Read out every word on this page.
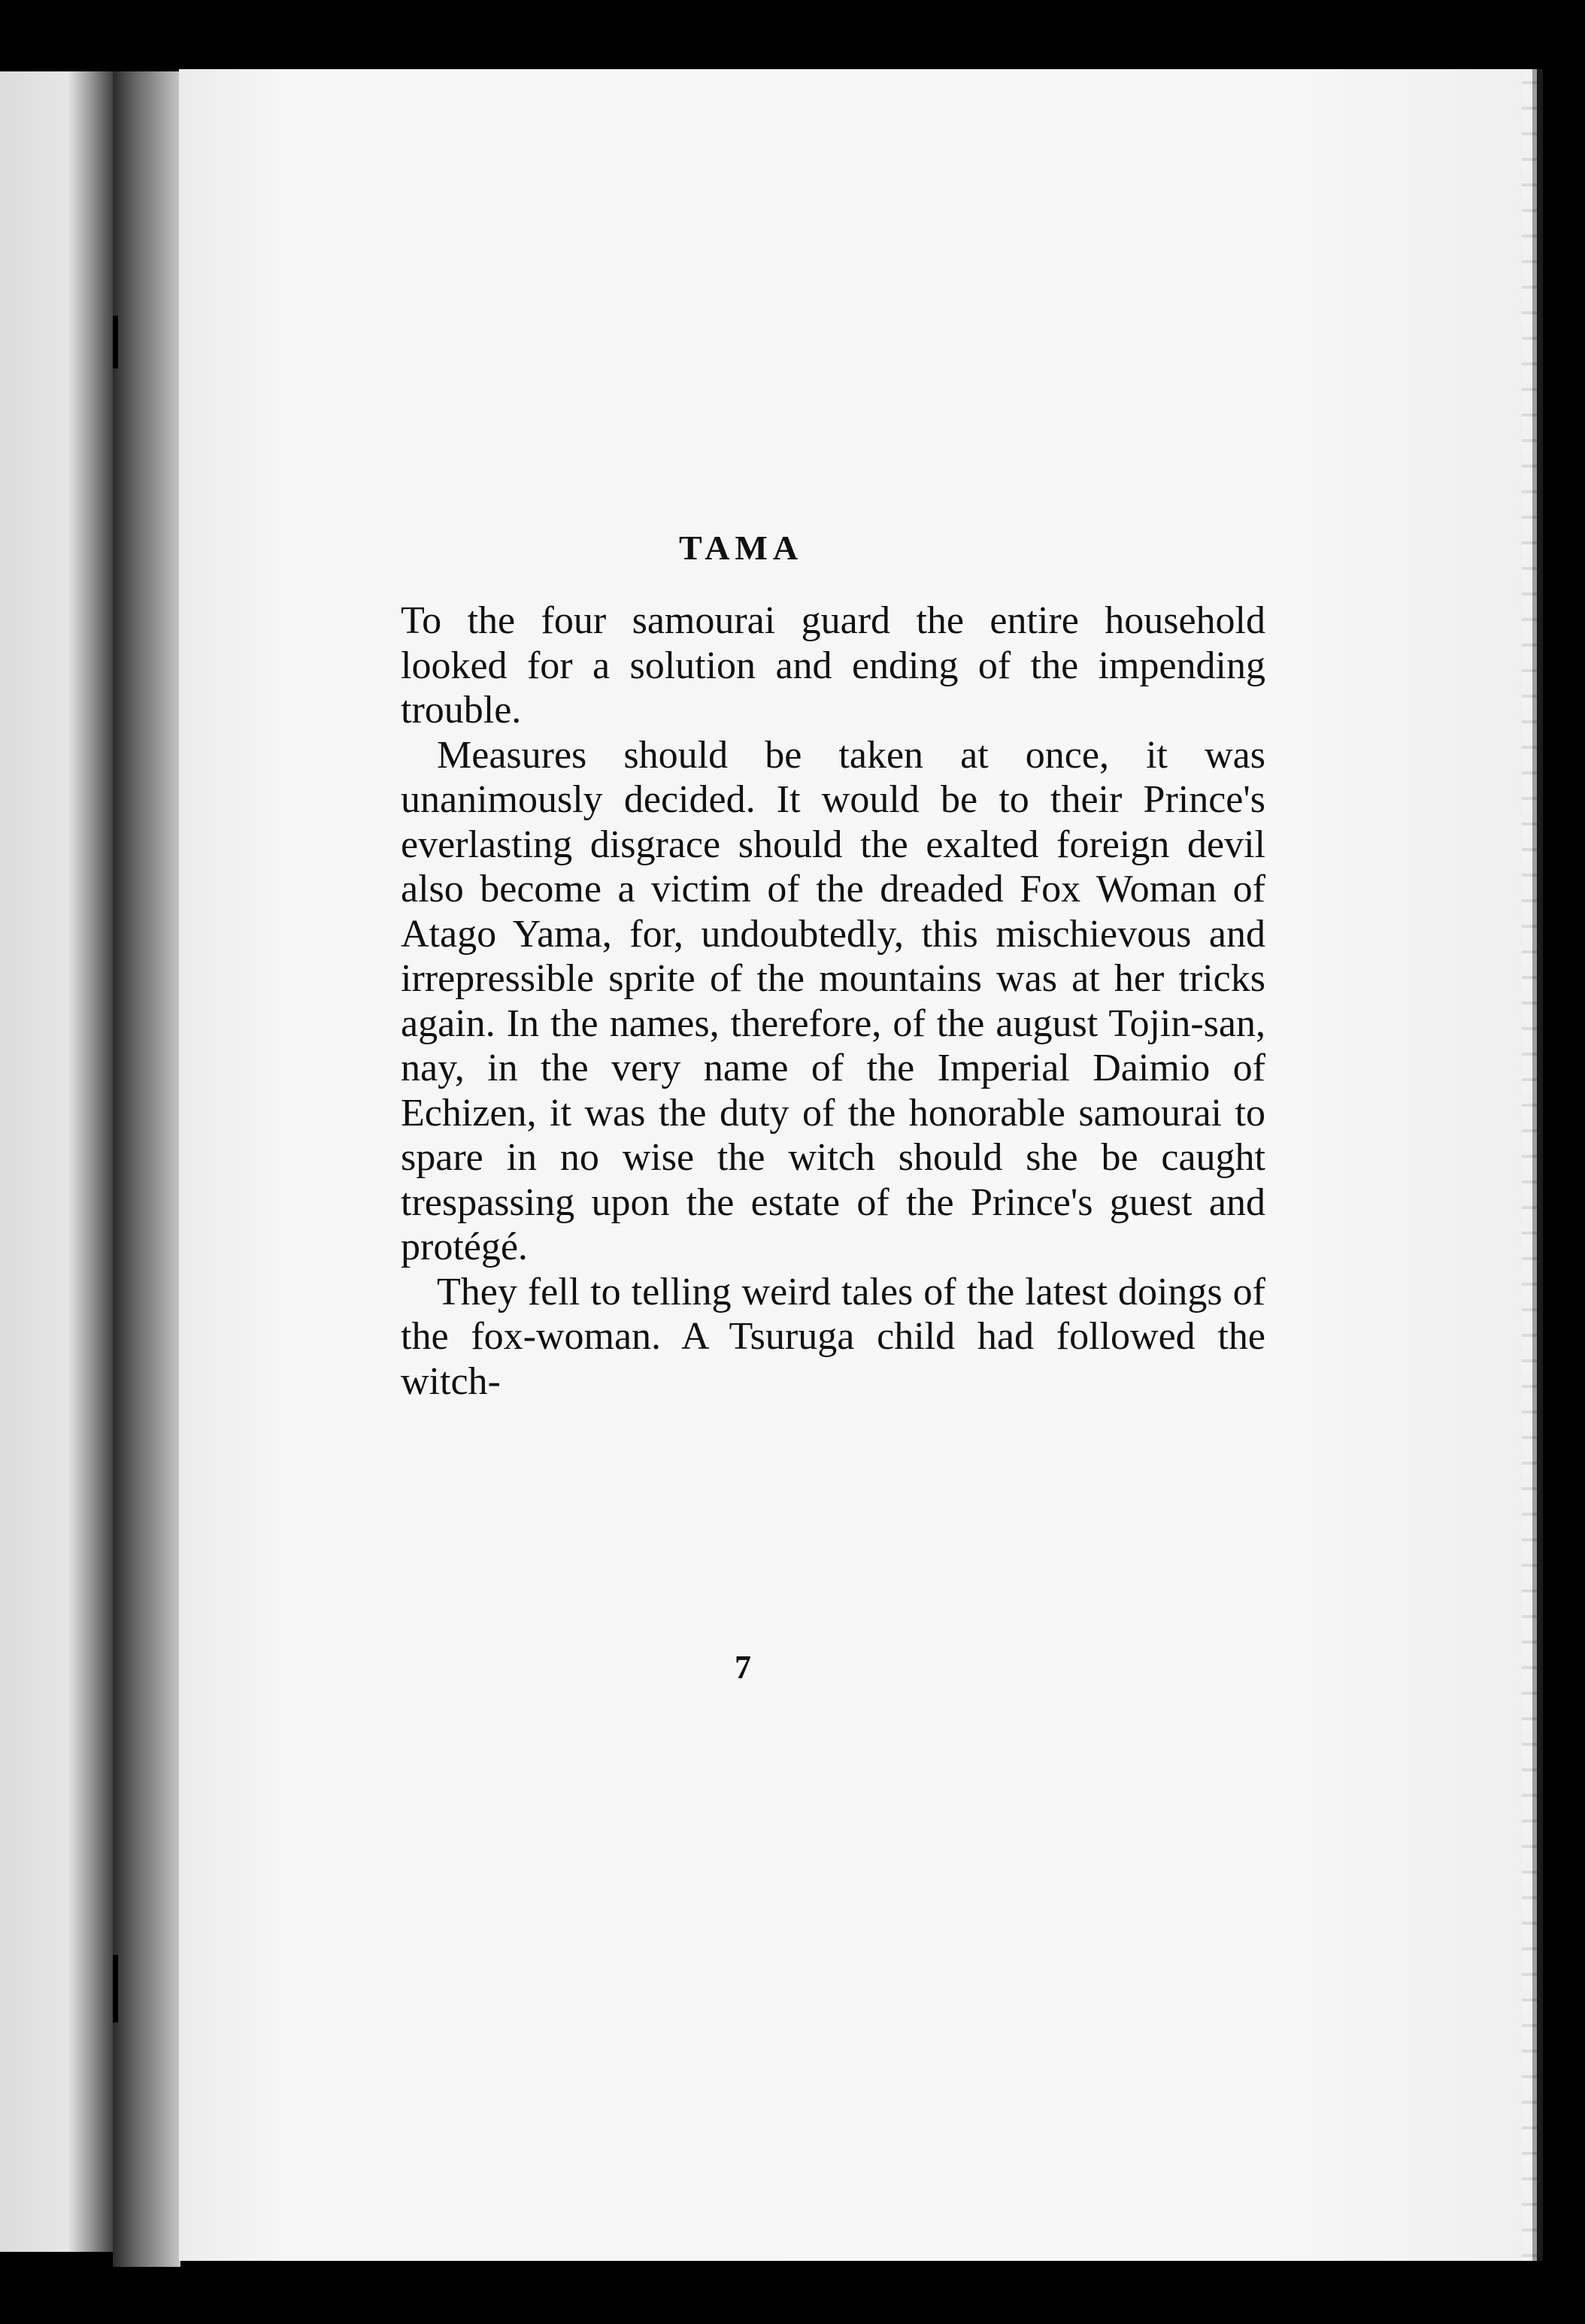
TAMA

To the four samourai guard the entire household looked for a solution and ending of the impending trouble.

Measures should be taken at once, it was unanimously decided. It would be to their Prince's everlasting disgrace should the exalted foreign devil also become a victim of the dreaded Fox Woman of Atago Yama, for, undoubtedly, this mischievous and irrepressible sprite of the mountains was at her tricks again. In the names, therefore, of the august Tojin-san, nay, in the very name of the Imperial Daimio of Echizen, it was the duty of the honorable samourai to spare in no wise the witch should she be caught trespassing upon the estate of the Prince's guest and protégé.

They fell to telling weird tales of the latest doings of the fox-woman. A Tsuruga child had followed the witch-

7
